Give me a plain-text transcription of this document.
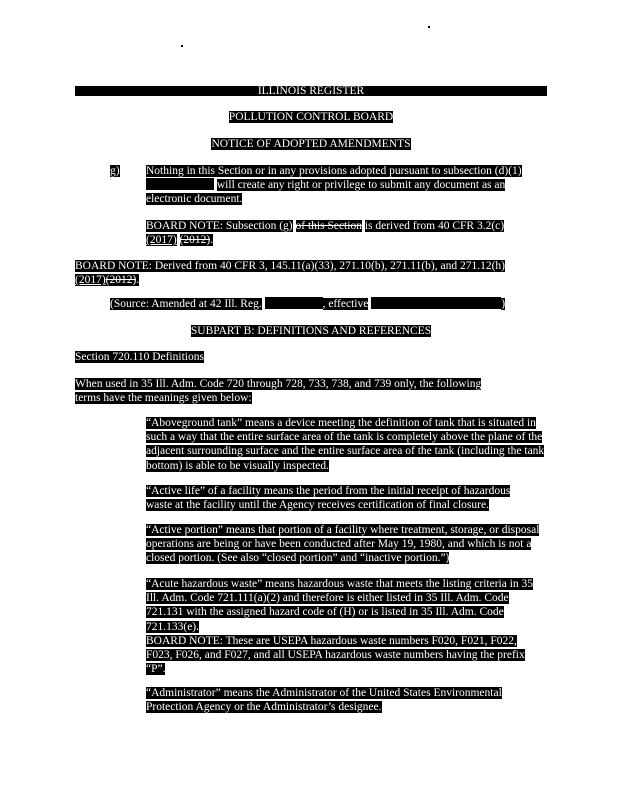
ILLINOIS REGISTER
POLLUTION CONTROL BOARD
NOTICE OF ADOPTED AMENDMENTS
g) Nothing in this Section or in any provisions adopted pursuant to subsection (d)(1)
will create any right or privilege to submit any document as an
electronic document.
BOARD NOTE: Subsection (g) of this Section is derived from 40 CFR 3.2(c)
(2017) (2012).
BOARD NOTE: Derived from 40 CFR 3, 145.11(a)(33), 271.10(b), 271.11(b), and 271.12(h)
(2017)(2012).
(Source: Amended at 42 Ill. Reg.	, effective	)
SUBPART B: DEFINITIONS AND REFERENCES
Section 720.110 Definitions
When used in 35 Ill. Adm. Code 720 through 728, 733, 738, and 739 only, the following terms have the meanings given below:
“Aboveground tank” means a device meeting the definition of tank that is situated in such a way that the entire surface area of the tank is completely above the plane of the adjacent surrounding surface and the entire surface area of the tank (including the tank bottom) is able to be visually inspected.
“Active life” of a facility means the period from the initial receipt of hazardous waste at the facility until the Agency receives certification of final closure.
“Active portion” means that portion of a facility where treatment, storage, or disposal operations are being or have been conducted after May 19, 1980, and which is not a closed portion. (See also “closed portion” and “inactive portion.”)
“Acute hazardous waste” means hazardous waste that meets the listing criteria in 35 Ill. Adm. Code 721.111(a)(2) and therefore is either listed in 35 Ill. Adm. Code 721.131 with the assigned hazard code of (H) or is listed in 35 Ill. Adm. Code 721.133(e).
BOARD NOTE: These are USEPA hazardous waste numbers F020, F021, F022, F023, F026, and F027, and all USEPA hazardous waste numbers having the prefix “P”.
“Administrator” means the Administrator of the United States Environmental Protection Agency or the Administrator’s designee.
